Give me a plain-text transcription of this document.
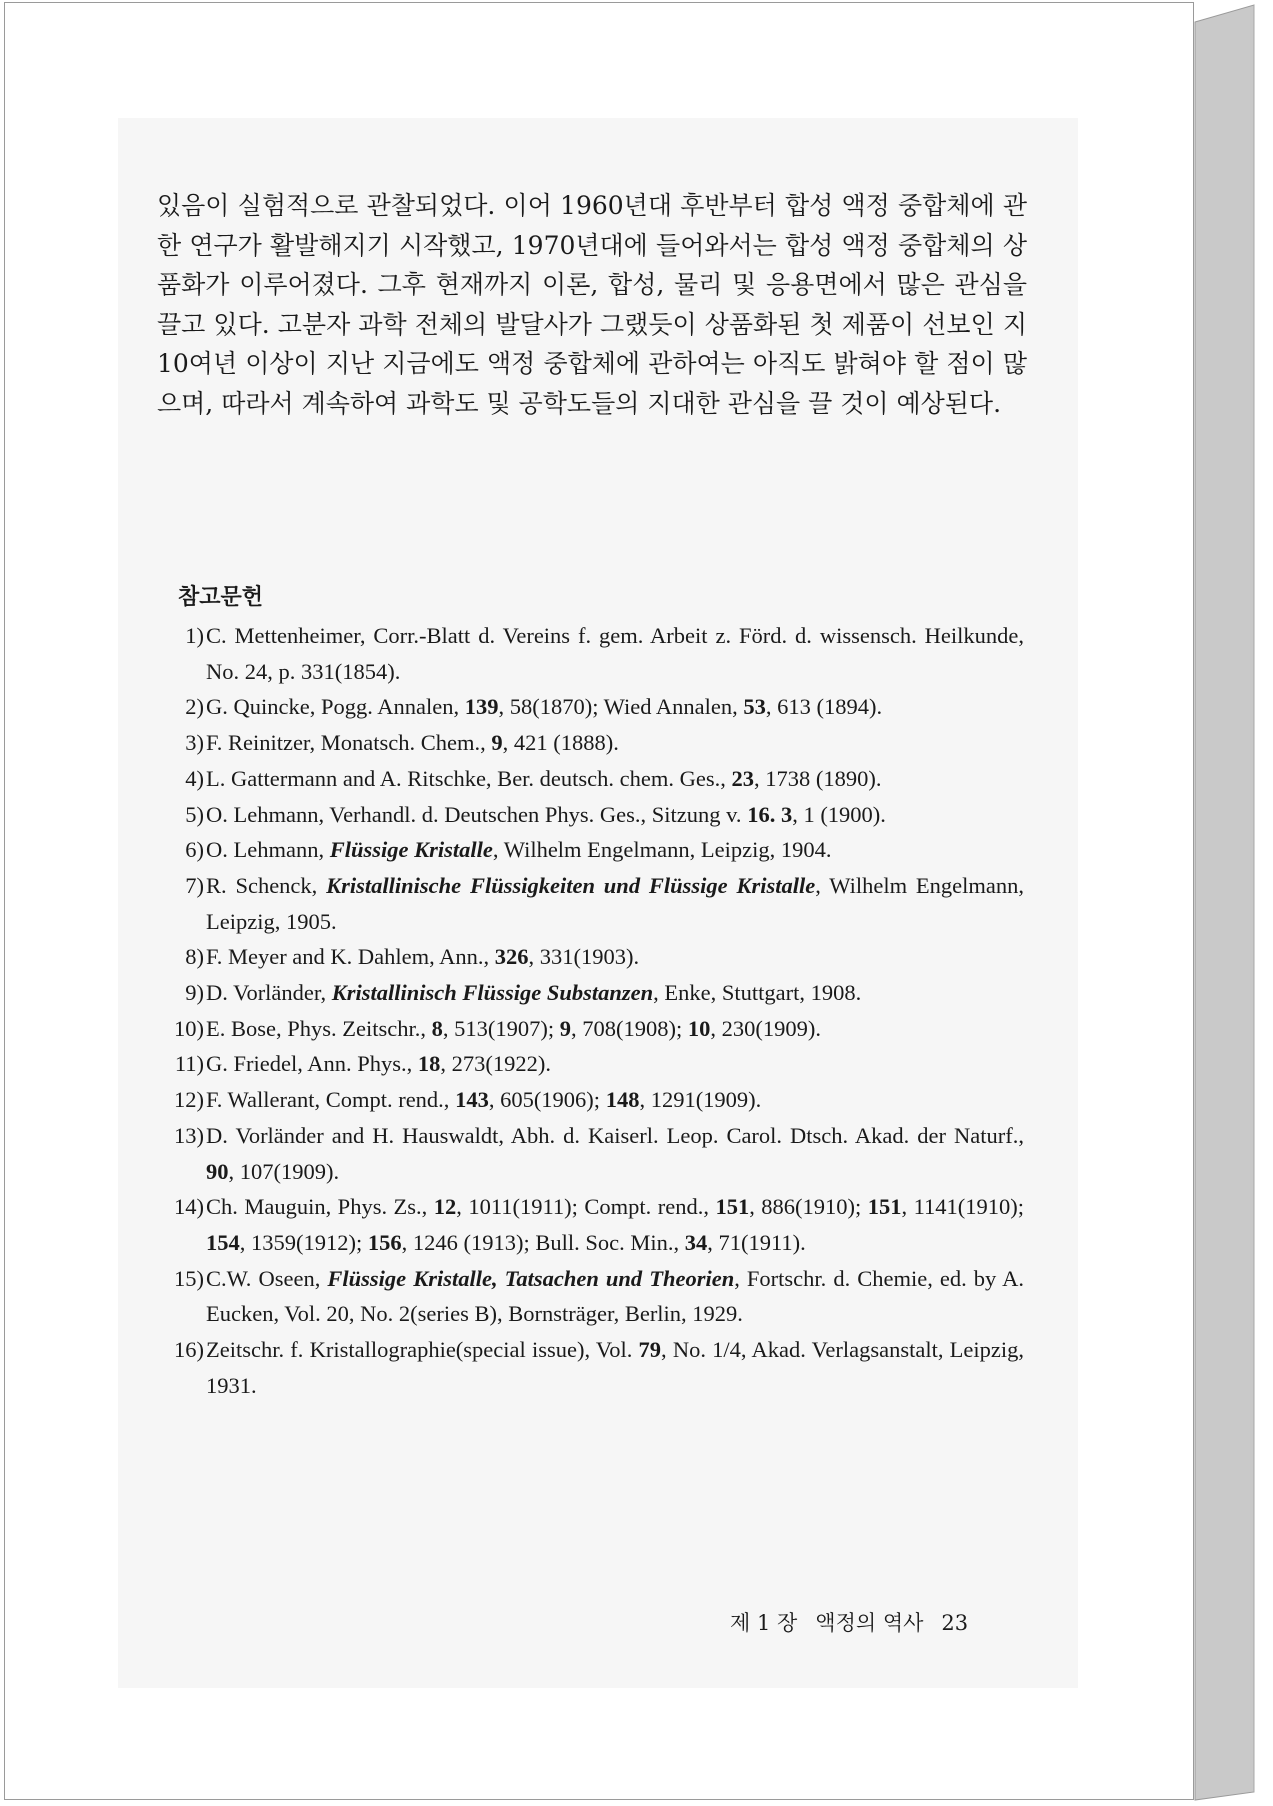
있음이 실험적으로 관찰되었다. 이어 1960년대 후반부터 합성 액정 중합체에 관한 연구가 활발해지기 시작했고, 1970년대에 들어와서는 합성 액정 중합체의 상품화가 이루어졌다. 그후 현재까지 이론, 합성, 물리 및 응용면에서 많은 관심을 끌고 있다. 고분자 과학 전체의 발달사가 그랬듯이 상품화된 첫 제품이 선보인 지 10여년 이상이 지난 지금에도 액정 중합체에 관하여는 아직도 밝혀야 할 점이 많으며, 따라서 계속하여 과학도 및 공학도들의 지대한 관심을 끌 것이 예상된다.

참고문헌
1) C. Mettenheimer, Corr.-Blatt d. Vereins f. gem. Arbeit z. Förd. d. wissensch. Heilkunde, No. 24, p. 331(1854).
2) G. Quincke, Pogg. Annalen, 139, 58(1870); Wied Annalen, 53, 613 (1894).
3) F. Reinitzer, Monatsch. Chem., 9, 421 (1888).
4) L. Gattermann and A. Ritschke, Ber. deutsch. chem. Ges., 23, 1738 (1890).
5) O. Lehmann, Verhandl. d. Deutschen Phys. Ges., Sitzung v. 16. 3, 1 (1900).
6) O. Lehmann, Flüssige Kristalle, Wilhelm Engelmann, Leipzig, 1904.
7) R. Schenck, Kristallinische Flüssigkeiten und Flüssige Kristalle, Wilhelm Engelmann, Leipzig, 1905.
8) F. Meyer and K. Dahlem, Ann., 326, 331(1903).
9) D. Vorländer, Kristallinisch Flüssige Substanzen, Enke, Stuttgart, 1908.
10) E. Bose, Phys. Zeitschr., 8, 513(1907); 9, 708(1908); 10, 230(1909).
11) G. Friedel, Ann. Phys., 18, 273(1922).
12) F. Wallerant, Compt. rend., 143, 605(1906); 148, 1291(1909).
13) D. Vorländer and H. Hauswaldt, Abh. d. Kaiserl. Leop. Carol. Dtsch. Akad. der Naturf., 90, 107(1909).
14) Ch. Mauguin, Phys. Zs., 12, 1011(1911); Compt. rend., 151, 886(1910); 151, 1141(1910); 154, 1359(1912); 156, 1246 (1913); Bull. Soc. Min., 34, 71(1911).
15) C.W. Oseen, Flüssige Kristalle, Tatsachen und Theorien, Fortschr. d. Chemie, ed. by A. Eucken, Vol. 20, No. 2(series B), Bornsträger, Berlin, 1929.
16) Zeitschr. f. Kristallographie(special issue), Vol. 79, No. 1/4, Akad. Verlagsanstalt, Leipzig, 1931.

제 1 장 액정의 역사 23
